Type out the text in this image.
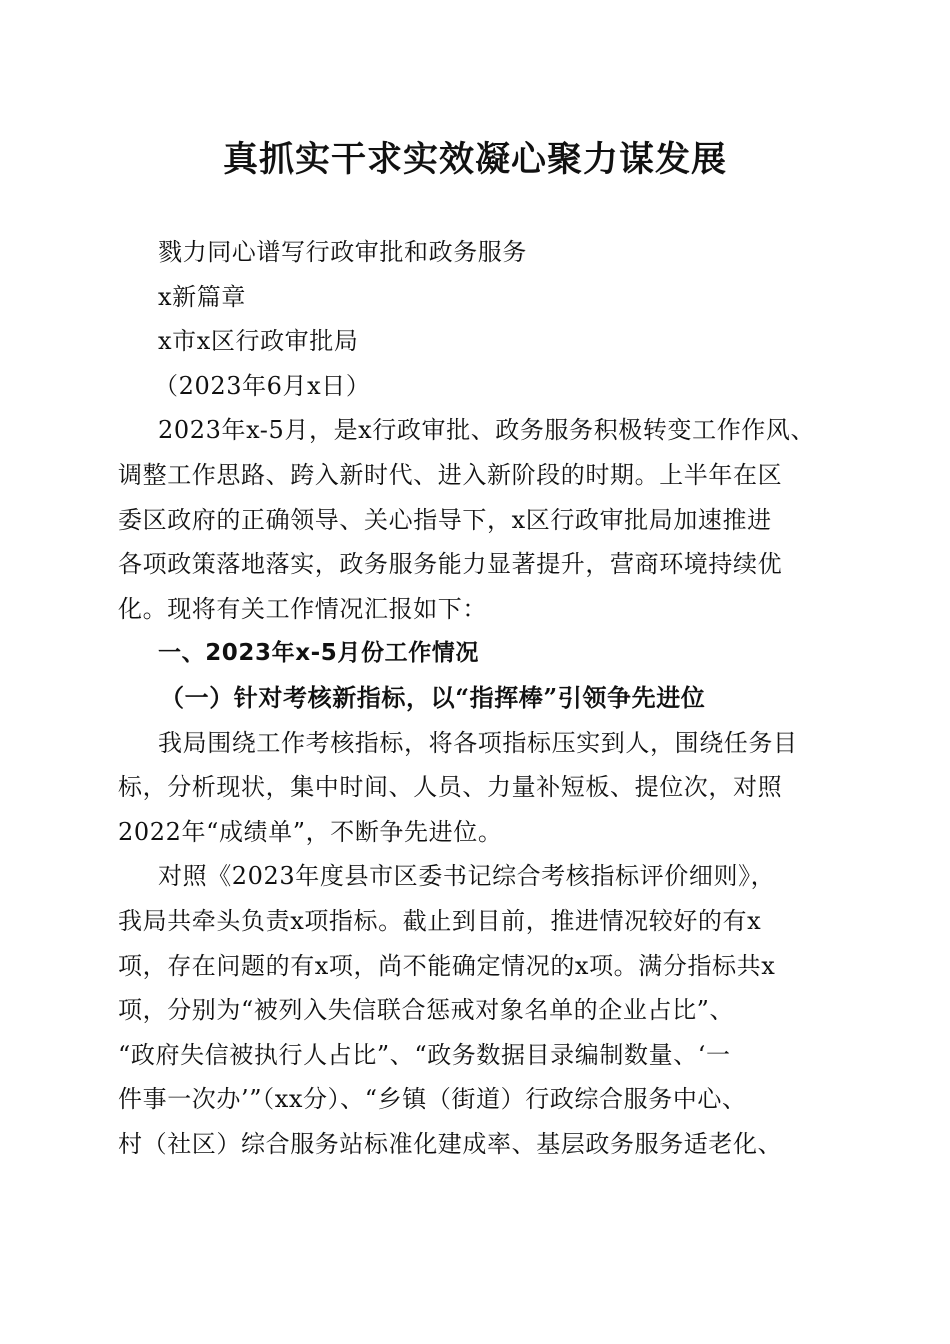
真抓实干求实效凝心聚力谋发展
戮力同心谱写行政审批和政务服务
x新篇章
x市x区行政审批局
（2023年6月x日）
2023年x-5月，是x行政审批、政务服务积极转变工作作风、
调整工作思路、跨入新时代、进入新阶段的时期。上半年在区
委区政府的正确领导、关心指导下，x区行政审批局加速推进
各项政策落地落实，政务服务能力显著提升，营商环境持续优
化。现将有关工作情况汇报如下：
一、2023年x-5月份工作情况
（一）针对考核新指标，以“指挥棒”引领争先进位
我局围绕工作考核指标，将各项指标压实到人，围绕任务目
标，分析现状，集中时间、人员、力量补短板、提位次，对照
2022年“成绩单”，不断争先进位。
对照《2023年度县市区委书记综合考核指标评价细则》，
我局共牵头负责x项指标。截止到目前，推进情况较好的有x
项，存在问题的有x项，尚不能确定情况的x项。满分指标共x
项，分别为“被列入失信联合惩戒对象名单的企业占比”、
“政府失信被执行人占比”、“政务数据目录编制数量、‘一
件事一次办’”（xx分）、“乡镇（街道）行政综合服务中心、
村（社区）综合服务站标准化建成率、基层政务服务适老化、
